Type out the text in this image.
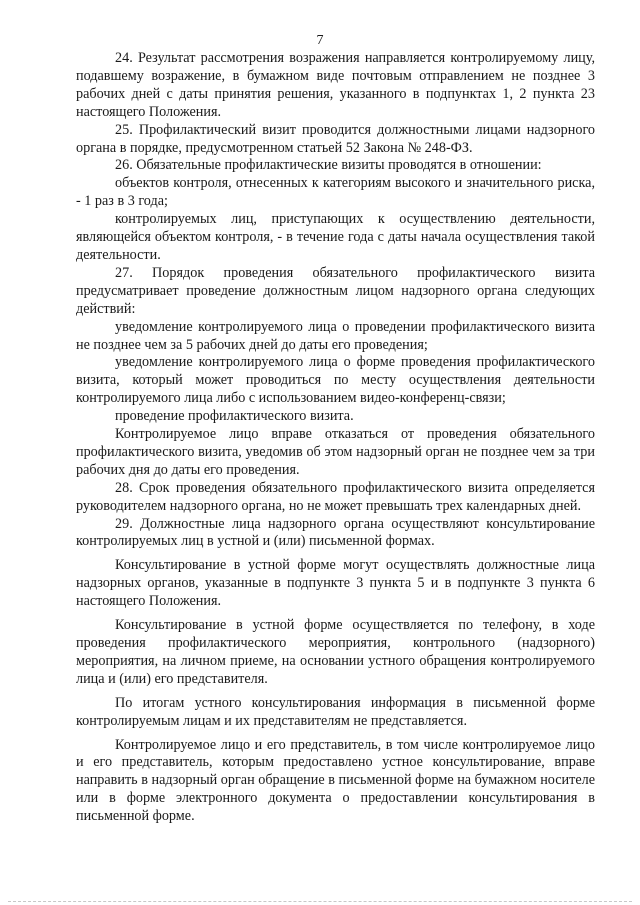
7

24. Результат рассмотрения возражения направляется контролируемому лицу, подавшему возражение, в бумажном виде почтовым отправлением не позднее 3 рабочих дней с даты принятия решения, указанного в подпунктах 1, 2 пункта 23 настоящего Положения.

25. Профилактический визит проводится должностными лицами надзорного органа в порядке, предусмотренном статьей 52 Закона № 248-ФЗ.

26. Обязательные профилактические визиты проводятся в отношении:

объектов контроля, отнесенных к категориям высокого и значительного риска, - 1 раз в 3 года;

контролируемых лиц, приступающих к осуществлению деятельности, являющейся объектом контроля, - в течение года с даты начала осуществления такой деятельности.

27. Порядок проведения обязательного профилактического визита предусматривает проведение должностным лицом надзорного органа следующих действий:

уведомление контролируемого лица о проведении профилактического визита не позднее чем за 5 рабочих дней до даты его проведения;

уведомление контролируемого лица о форме проведения профилактического визита, который может проводиться по месту осуществления деятельности контролируемого лица либо с использованием видео-конференц-связи;

проведение профилактического визита.

Контролируемое лицо вправе отказаться от проведения обязательного профилактического визита, уведомив об этом надзорный орган не позднее чем за три рабочих дня до даты его проведения.

28. Срок проведения обязательного профилактического визита определяется руководителем надзорного органа, но не может превышать трех календарных дней.

29. Должностные лица надзорного органа осуществляют консультирование контролируемых лиц в устной и (или) письменной формах.

Консультирование в устной форме могут осуществлять должностные лица надзорных органов, указанные в подпункте 3 пункта 5 и в подпункте 3 пункта 6 настоящего Положения.

Консультирование в устной форме осуществляется по телефону, в ходе проведения профилактического мероприятия, контрольного (надзорного) мероприятия, на личном приеме, на основании устного обращения контролируемого лица и (или) его представителя.

По итогам устного консультирования информация в письменной форме контролируемым лицам и их представителям не представляется.

Контролируемое лицо и его представитель, в том числе контролируемое лицо и его представитель, которым предоставлено устное консультирование, вправе направить в надзорный орган обращение в письменной форме на бумажном носителе или в форме электронного документа о предоставлении консультирования в письменной форме.
